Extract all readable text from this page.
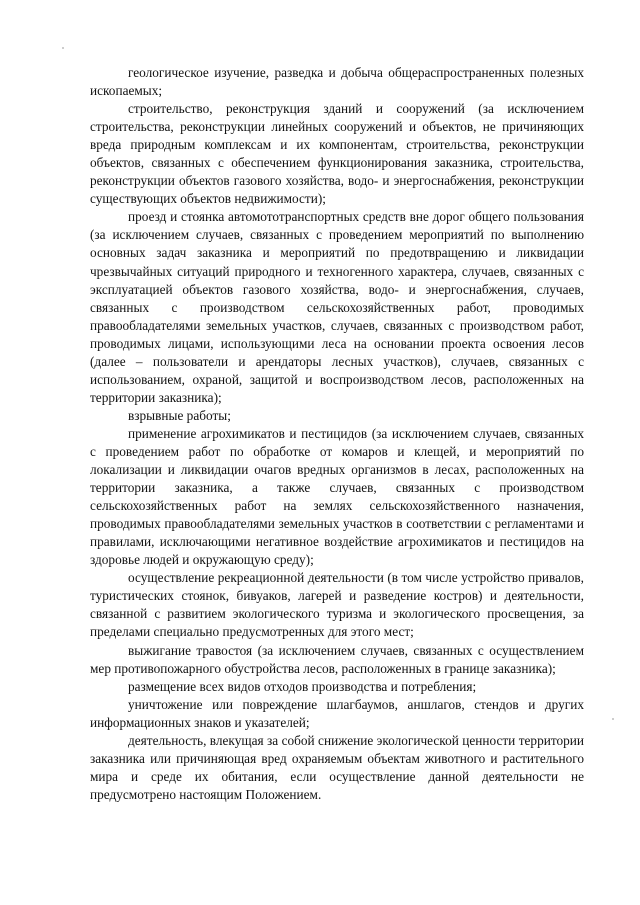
геологическое изучение, разведка и добыча общераспространенных полезных ископаемых;

строительство, реконструкция зданий и сооружений (за исключением строительства, реконструкции линейных сооружений и объектов, не причиняющих вреда природным комплексам и их компонентам, строительства, реконструкции объектов, связанных с обеспечением функционирования заказника, строительства, реконструкции объектов газового хозяйства, водо- и энергоснабжения, реконструкции существующих объектов недвижимости);

проезд и стоянка автомототранспортных средств вне дорог общего пользования (за исключением случаев, связанных с проведением мероприятий по выполнению основных задач заказника и мероприятий по предотвращению и ликвидации чрезвычайных ситуаций природного и техногенного характера, случаев, связанных с эксплуатацией объектов газового хозяйства, водо- и энергоснабжения, случаев, связанных с производством сельскохозяйственных работ, проводимых правообладателями земельных участков, случаев, связанных с производством работ, проводимых лицами, использующими леса на основании проекта освоения лесов (далее – пользователи и арендаторы лесных участков), случаев, связанных с использованием, охраной, защитой и воспроизводством лесов, расположенных на территории заказника);

взрывные работы;

применение агрохимикатов и пестицидов (за исключением случаев, связанных с проведением работ по обработке от комаров и клещей, и мероприятий по локализации и ликвидации очагов вредных организмов в лесах, расположенных на территории заказника, а также случаев, связанных с производством сельскохозяйственных работ на землях сельскохозяйственного назначения, проводимых правообладателями земельных участков в соответствии с регламентами и правилами, исключающими негативное воздействие агрохимикатов и пестицидов на здоровье людей и окружающую среду);

осуществление рекреационной деятельности (в том числе устройство привалов, туристических стоянок, бивуаков, лагерей и разведение костров) и деятельности, связанной с развитием экологического туризма и экологического просвещения, за пределами специально предусмотренных для этого мест;

выжигание травостоя (за исключением случаев, связанных с осуществлением мер противопожарного обустройства лесов, расположенных в границе заказника);

размещение всех видов отходов производства и потребления;

уничтожение или повреждение шлагбаумов, аншлагов, стендов и других информационных знаков и указателей;

деятельность, влекущая за собой снижение экологической ценности территории заказника или причиняющая вред охраняемым объектам животного и растительного мира и среде их обитания, если осуществление данной деятельности не предусмотрено настоящим Положением.
